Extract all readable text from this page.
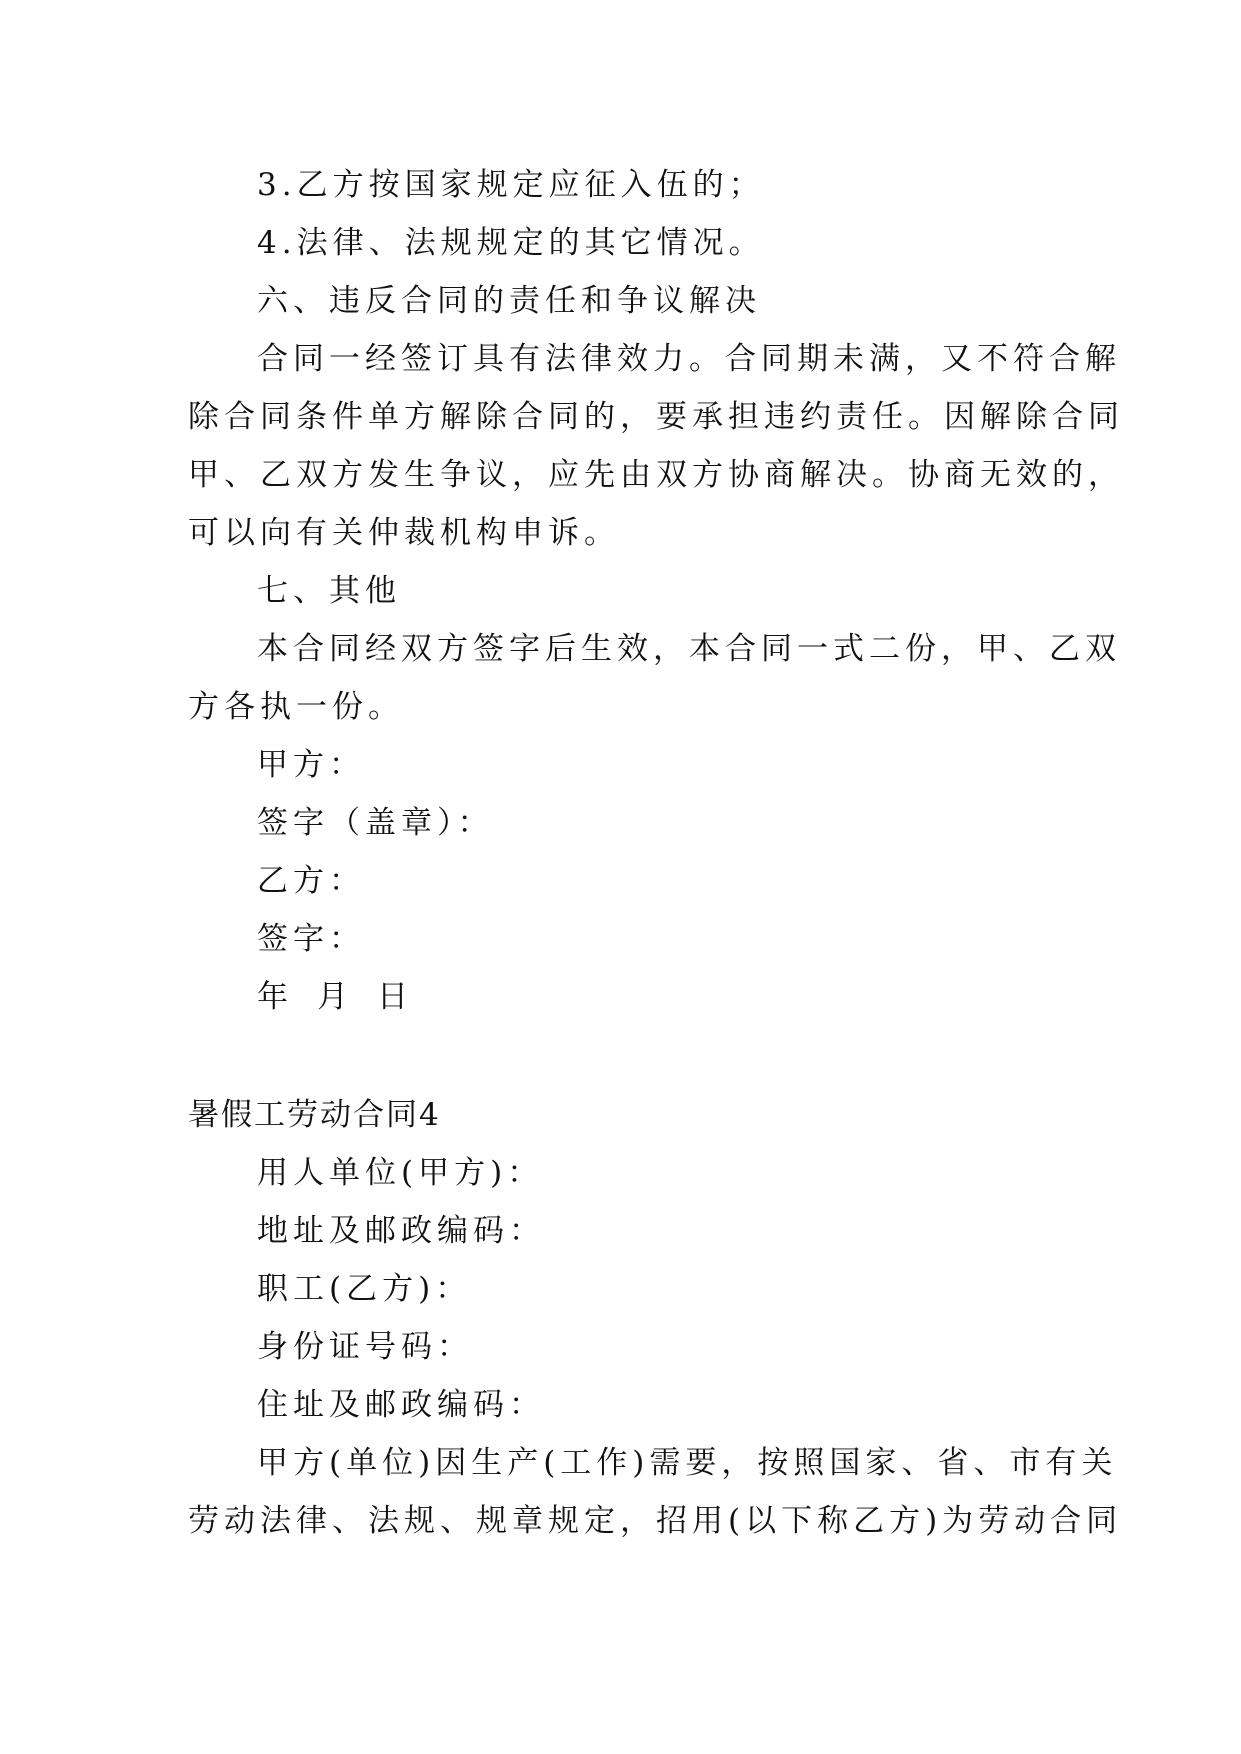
3.乙方按国家规定应征入伍的；
4.法律、法规规定的其它情况。
六、违反合同的责任和争议解决
合同一经签订具有法律效力。合同期未满，又不符合解
除合同条件单方解除合同的，要承担违约责任。因解除合同
甲、乙双方发生争议，应先由双方协商解决。协商无效的，
可以向有关仲裁机构申诉。
七、其他
本合同经双方签字后生效，本合同一式二份，甲、乙双
方各执一份。
甲方：
签字（盖章）：
乙方：
签字：
年 月 日
暑假工劳动合同4
用人单位(甲方)：
地址及邮政编码：
职工(乙方)：
身份证号码：
住址及邮政编码：
甲方(单位)因生产(工作)需要，按照国家、省、市有关
劳动法律、法规、规章规定，招用(以下称乙方)为劳动合同
